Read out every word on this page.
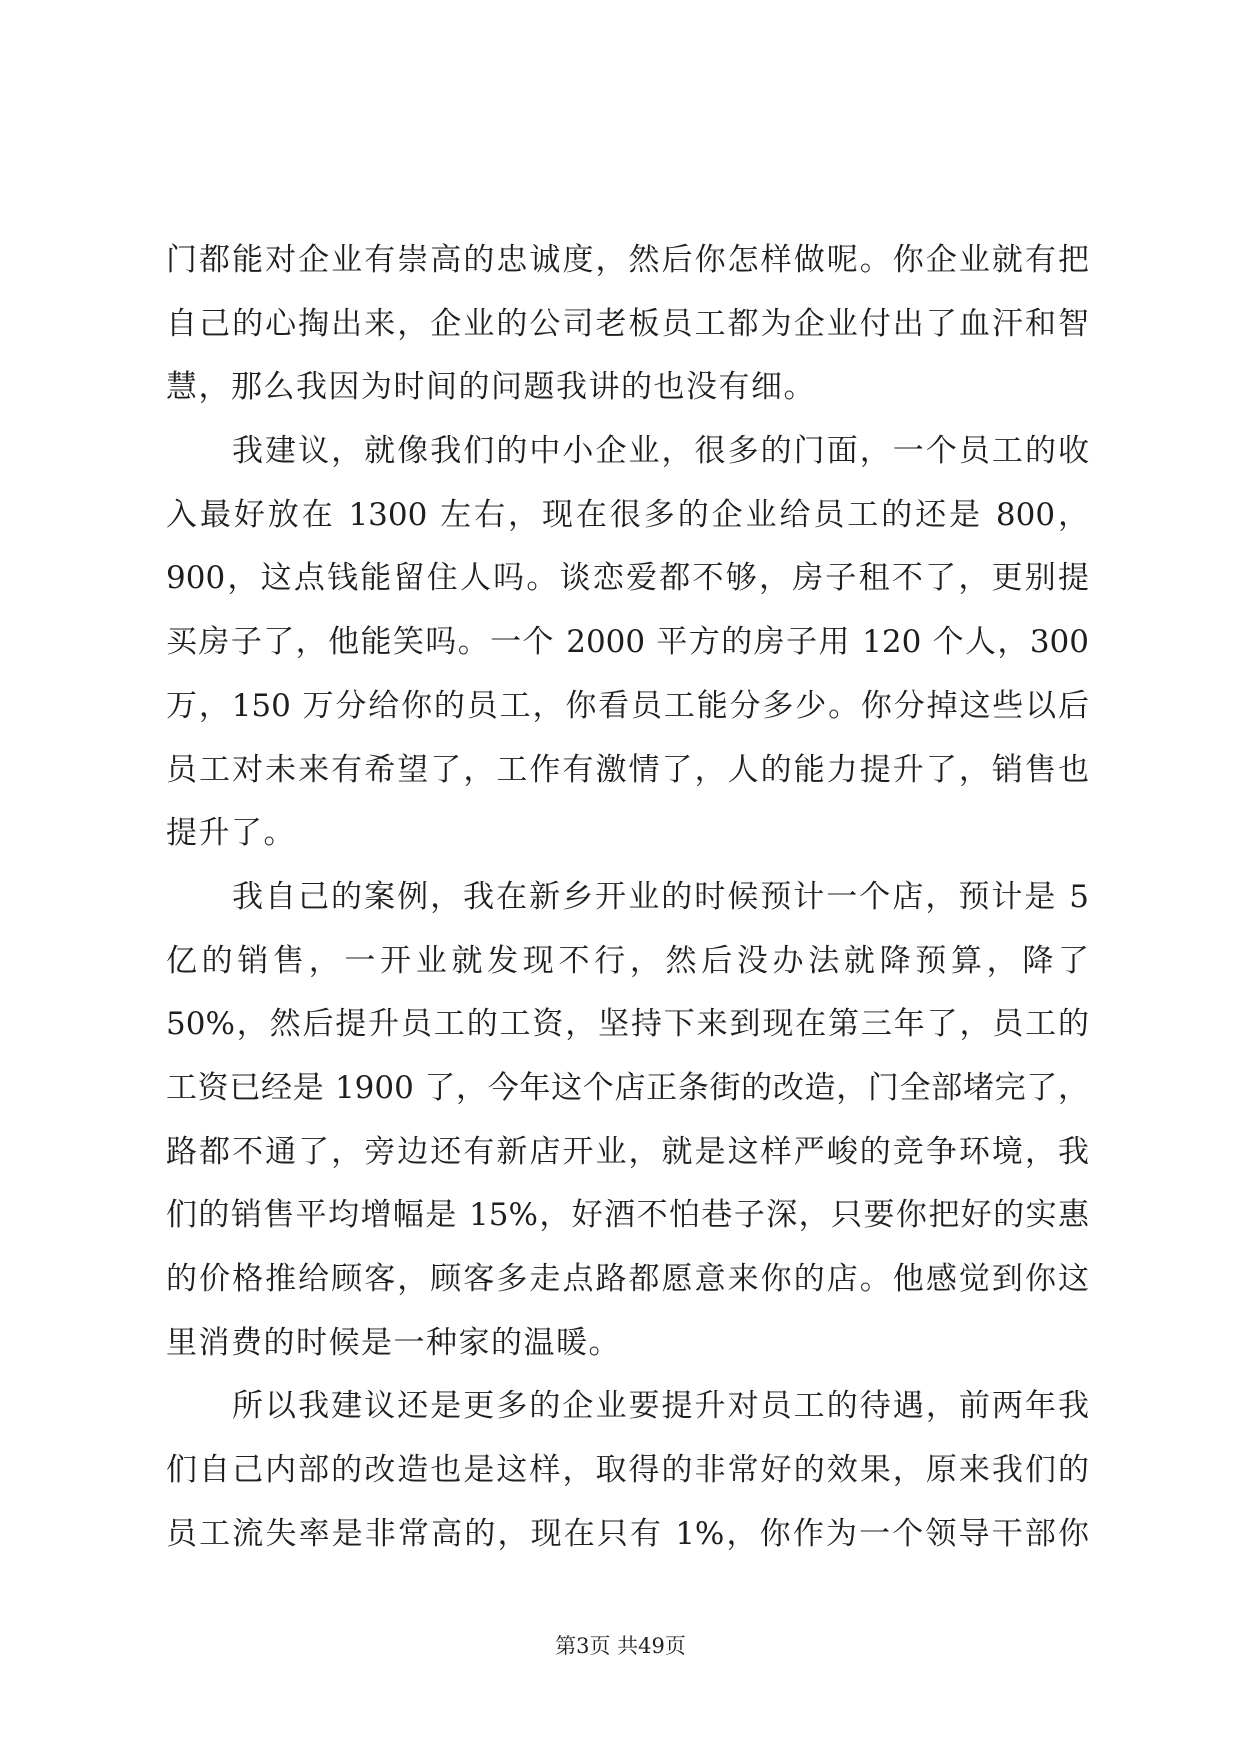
门都能对企业有崇高的忠诚度，然后你怎样做呢。你企业就有把
自己的心掏出来，企业的公司老板员工都为企业付出了血汗和智
慧，那么我因为时间的问题我讲的也没有细。
我建议，就像我们的中小企业，很多的门面，一个员工的收
入最好放在 1300 左右，现在很多的企业给员工的还是 800，
900，这点钱能留住人吗。谈恋爱都不够，房子租不了，更别提
买房子了，他能笑吗。一个 2000 平方的房子用 120 个人，300
万，150 万分给你的员工，你看员工能分多少。你分掉这些以后
员工对未来有希望了，工作有激情了，人的能力提升了，销售也
提升了。
我自己的案例，我在新乡开业的时候预计一个店，预计是 5
亿的销售，一开业就发现不行，然后没办法就降预算，降了
50%，然后提升员工的工资，坚持下来到现在第三年了，员工的
工资已经是 1900 了，今年这个店正条街的改造，门全部堵完了，
路都不通了，旁边还有新店开业，就是这样严峻的竞争环境，我
们的销售平均增幅是 15%，好酒不怕巷子深，只要你把好的实惠
的价格推给顾客，顾客多走点路都愿意来你的店。他感觉到你这
里消费的时候是一种家的温暖。
所以我建议还是更多的企业要提升对员工的待遇，前两年我
们自己内部的改造也是这样，取得的非常好的效果，原来我们的
员工流失率是非常高的，现在只有 1%，你作为一个领导干部你
第3页 共49页
